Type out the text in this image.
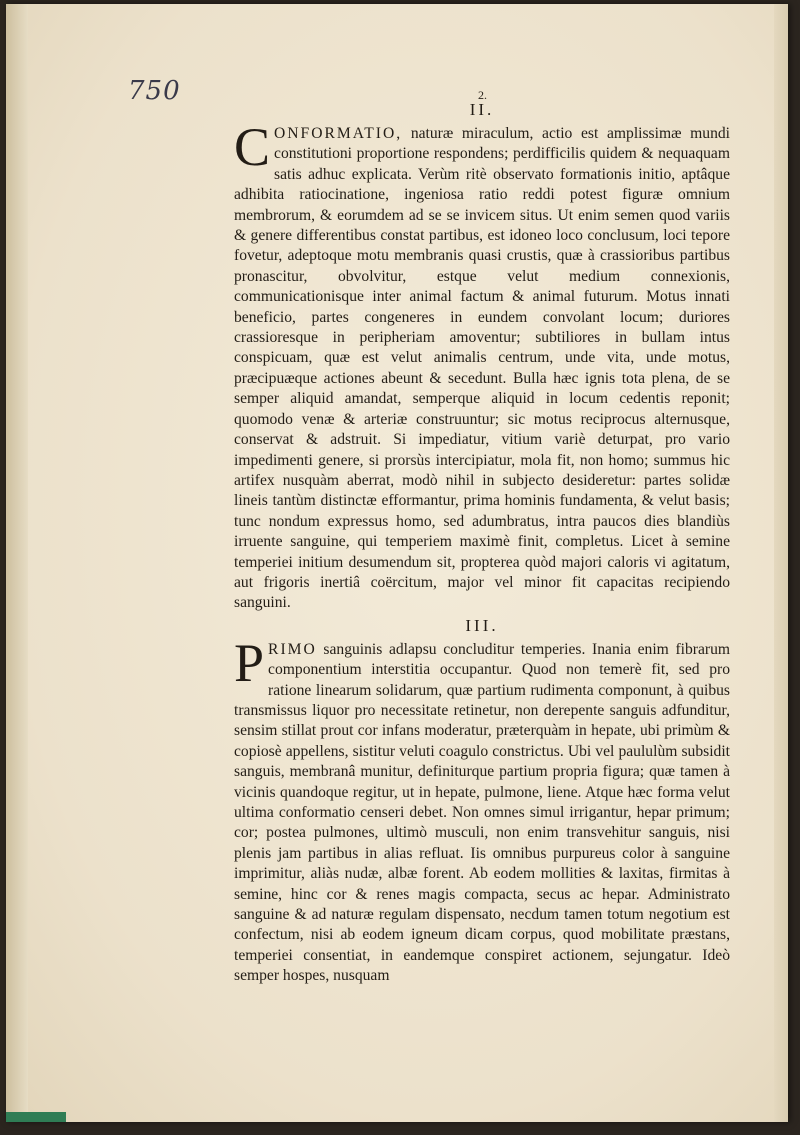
750	2.
II.

CONFORMATIO, naturæ miraculum, actio est amplissimæ mundi constitutioni proportione respondens; perdifficilis quidem & nequaquam satis adhuc explicata. Verùm ritè observato formationis initio, aptâque adhibita ratiocinatione, ingeniosa ratio reddi potest figuræ omnium membrorum, & eorumdem ad se se invicem situs. Ut enim semen quod variis & genere differentibus constat partibus, est idoneo loco conclusum, loci tepore fovetur, adeptoque motu membranis quasi crustis, quæ à crassioribus partibus pronascitur, obvolvitur, estque velut medium connexionis, communicationisque inter animal factum & animal futurum. Motus innati beneficio, partes congeneres in eundem convolant locum; duriores crassioresque in peripheriam amoventur; subtiliores in bullam intus conspicuam, quæ est velut animalis centrum, unde vita, unde motus, præcipuæque actiones abeunt & secedunt. Bulla hæc ignis tota plena, de se semper aliquid amandat, semperque aliquid in locum cedentis reponit; quomodo venæ & arteriæ construuntur; sic motus reciprocus alternusque, conservat & adstruit. Si impediatur, vitium variè deturpat, pro vario impedimenti genere, si prorsùs intercipiatur, mola fit, non homo; summus hic artifex nusquàm aberrat, modò nihil in subjecto desideretur: partes solidæ lineis tantùm distinctæ efformantur, prima hominis fundamenta, & velut basis; tunc nondum expressus homo, sed adumbratus, intra paucos dies blandiùs irruente sanguine, qui temperiem maximè finit, completus. Licet à semine temperiei initium desumendum sit, propterea quòd majori caloris vi agitatum, aut frigoris inertiâ coërcitum, major vel minor fit capacitas recipiendo sanguini.

III.

PRIMO sanguinis adlapsu concluditur temperies. Inania enim fibrarum componentium interstitia occupantur. Quod non temerè fit, sed pro ratione linearum solidarum, quæ partium rudimenta componunt, à quibus transmissus liquor pro necessitate retinetur, non derepente sanguis adfunditur, sensim stillat prout cor infans moderatur, præterquàm in hepate, ubi primùm & copiosè appellens, sistitur veluti coagulo constrictus. Ubi vel paululùm subsidit sanguis, membranâ munitur, definiturque partium propria figura; quæ tamen à vicinis quandoque regitur, ut in hepate, pulmone, liene. Atque hæc forma velut ultima conformatio censeri debet. Non omnes simul irrigantur, hepar primum; cor; postea pulmones, ultimò musculi, non enim transvehitur sanguis, nisi plenis jam partibus in alias refluat. Iis omnibus purpureus color à sanguine imprimitur, aliàs nudæ, albæ forent. Ab eodem mollities & laxitas, firmitas à semine, hinc cor & renes magis compacta, secus ac hepar. Administrato sanguine & ad naturæ regulam dispensato, necdum tamen totum negotium est confectum, nisi ab eodem igneum dicam corpus, quod mobilitate præstans, temperiei consentiat, in eandemque conspiret actionem, sejungatur. Ideò semper hospes, nusquam
